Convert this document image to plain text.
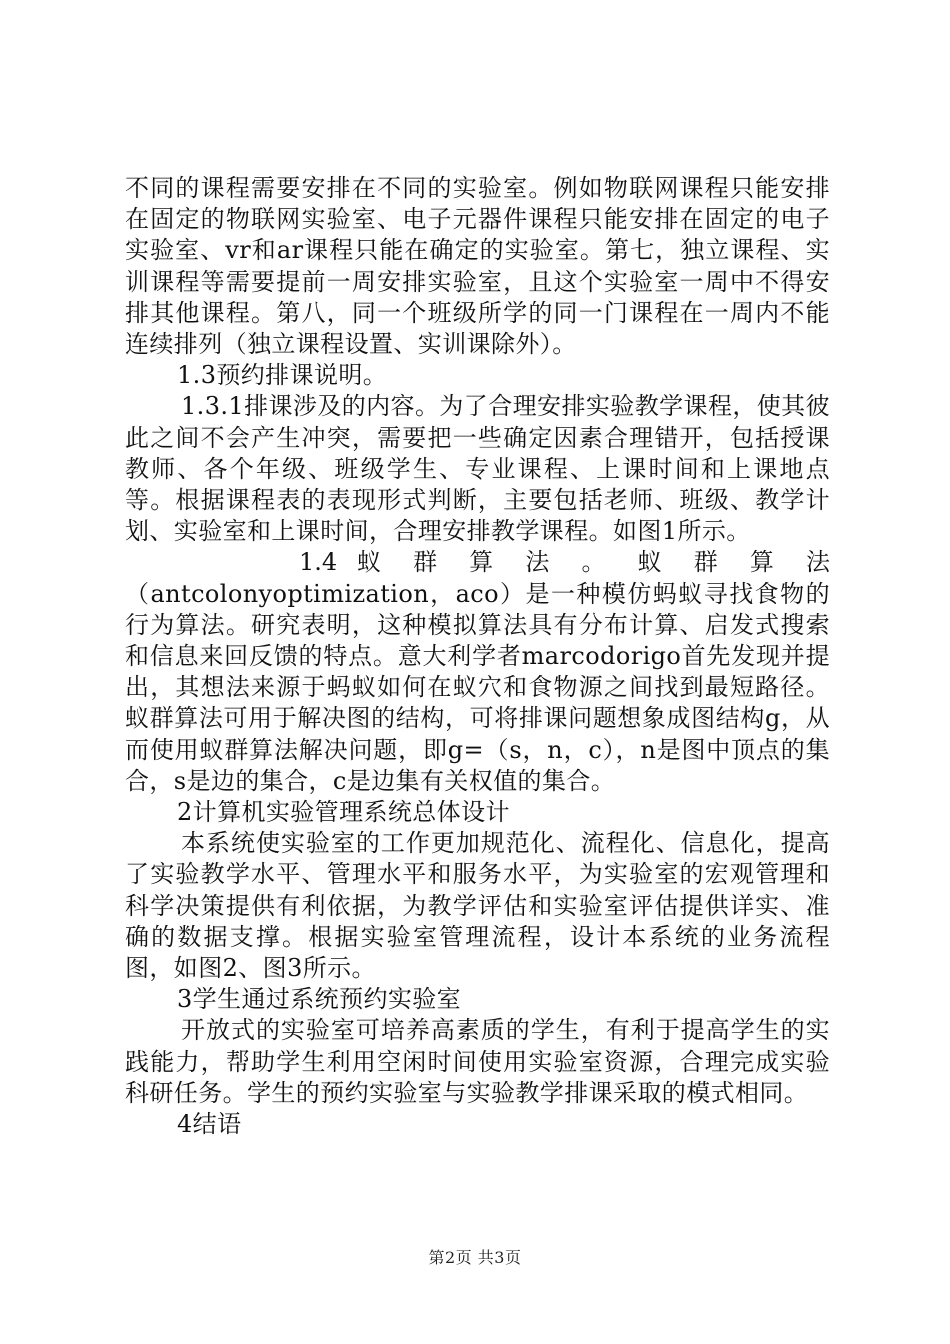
不同的课程需要安排在不同的实验室。例如物联网课程只能安排在固定的物联网实验室、电子元器件课程只能安排在固定的电子实验室、vr和ar课程只能在确定的实验室。第七，独立课程、实训课程等需要提前一周安排实验室，且这个实验室一周中不得安排其他课程。第八，同一个班级所学的同一门课程在一周内不能连续排列（独立课程设置、实训课除外）。

1.3预约排课说明。

1.3.1排课涉及的内容。为了合理安排实验教学课程，使其彼此之间不会产生冲突，需要把一些确定因素合理错开，包括授课教师、各个年级、班级学生、专业课程、上课时间和上课地点等。根据课程表的表现形式判断，主要包括老师、班级、教学计划、实验室和上课时间，合理安排教学课程。如图1所示。

1.4 蚁 群 算 法 。 蚁 群 算 法

（antcolonyoptimization，aco）是一种模仿蚂蚁寻找食物的行为算法。研究表明，这种模拟算法具有分布计算、启发式搜索和信息来回反馈的特点。意大利学者marcodorigo首先发现并提出，其想法来源于蚂蚁如何在蚁穴和食物源之间找到最短路径。蚁群算法可用于解决图的结构，可将排课问题想象成图结构g，从而使用蚁群算法解决问题，即g=（s，n，c），n是图中顶点的集合，s是边的集合，c是边集有关权值的集合。

2计算机实验管理系统总体设计

本系统使实验室的工作更加规范化、流程化、信息化，提高了实验教学水平、管理水平和服务水平，为实验室的宏观管理和科学决策提供有利依据，为教学评估和实验室评估提供详实、准确的数据支撑。根据实验室管理流程，设计本系统的业务流程图，如图2、图3所示。

3学生通过系统预约实验室

开放式的实验室可培养高素质的学生，有利于提高学生的实践能力，帮助学生利用空闲时间使用实验室资源，合理完成实验科研任务。学生的预约实验室与实验教学排课采取的模式相同。

4结语

第2页 共3页
